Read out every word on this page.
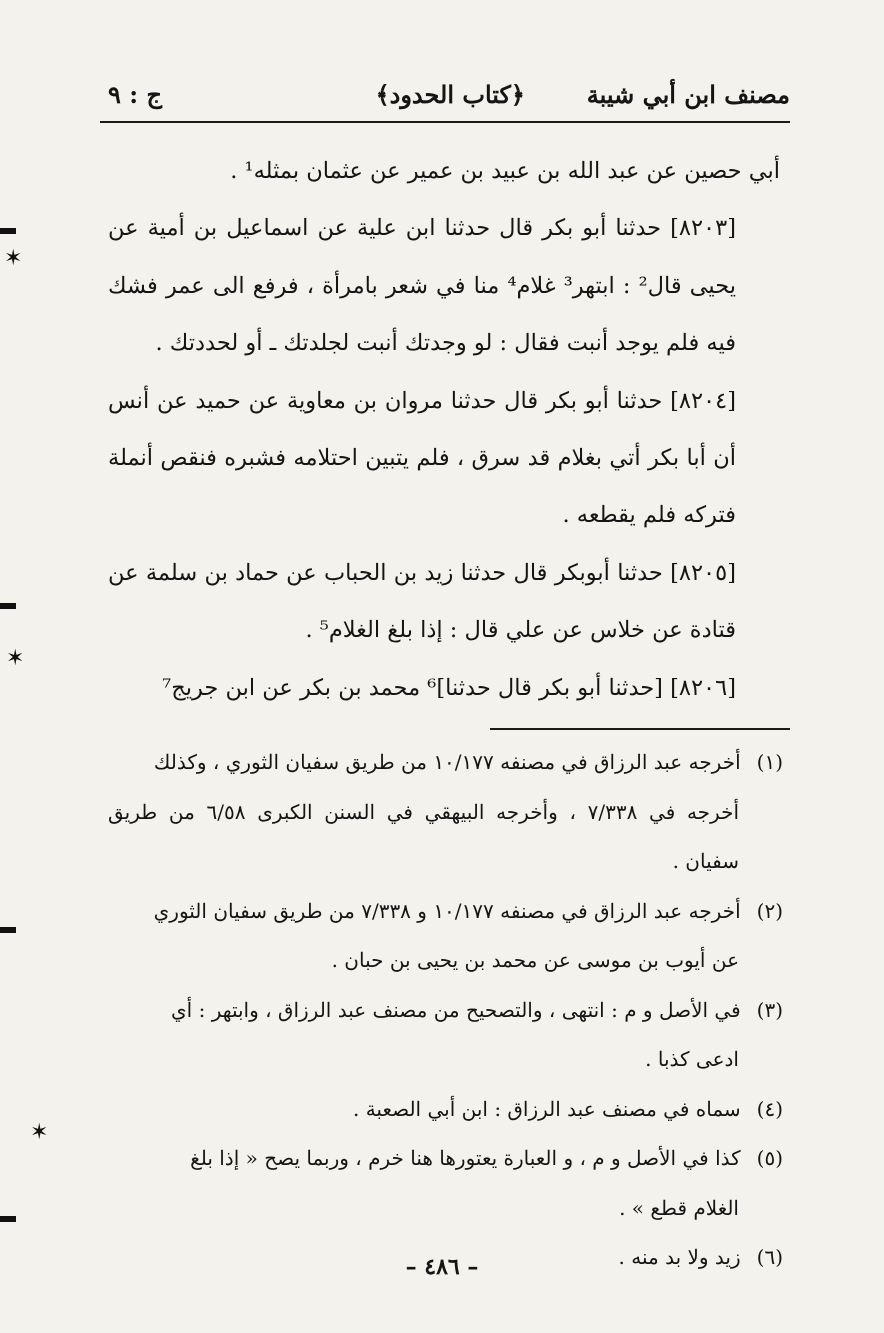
مصنف ابن أبي شيبة
﴿كتاب الحدود﴾
ج : ٩

أبي حصين عن عبد الله بن عبيد بن عمير عن عثمان بمثله¹ .

[٨٢٠٣] حدثنا أبو بكر قال حدثنا ابن علية عن اسماعيل بن أمية عن يحيى قال² : ابتهر³ غلام⁴ منا في شعر بامرأة ، فرفع الى عمر فشك فيه فلم يوجد أنبت فقال : لو وجدتك أنبت لجلدتك ـ أو لحددتك .

[٨٢٠٤] حدثنا أبو بكر قال حدثنا مروان بن معاوية عن حميد عن أنس أن أبا بكر أتي بغلام قد سرق ، فلم يتبين احتلامه فشبره فنقص أنملة فتركه فلم يقطعه .

[٨٢٠٥] حدثنا أبوبكر قال حدثنا زيد بن الحباب عن حماد بن سلمة عن قتادة عن خلاس عن علي قال : إذا بلغ الغلام⁵ .

[٨٢٠٦] [حدثنا أبو بكر قال حدثنا]⁶ محمد بن بكر عن ابن جريج⁷

(١) أخرجه عبد الرزاق في مصنفه ١٠/١٧٧ من طريق سفيان الثوري ، وكذلك

أخرجه في ٧/٣٣٨ ، وأخرجه البيهقي في السنن الكبرى ٦/٥٨ من طريق سفيان .

(٢) أخرجه عبد الرزاق في مصنفه ١٠/١٧٧ و ٧/٣٣٨ من طريق سفيان الثوري

عن أيوب بن موسى عن محمد بن يحيى بن حبان .

(٣) في الأصل و م : انتهى ، والتصحيح من مصنف عبد الرزاق ، وابتهر : أي

ادعى كذبا .

(٤) سماه في مصنف عبد الرزاق : ابن أبي الصعبة .

(٥) كذا في الأصل و م ، و العبارة يعتورها هنا خرم ، وربما يصح « إذا بلغ

الغلام قطع » .

(٦) زيد ولا بد منه .

– ٤٨٦ –
✶
✶
✶
